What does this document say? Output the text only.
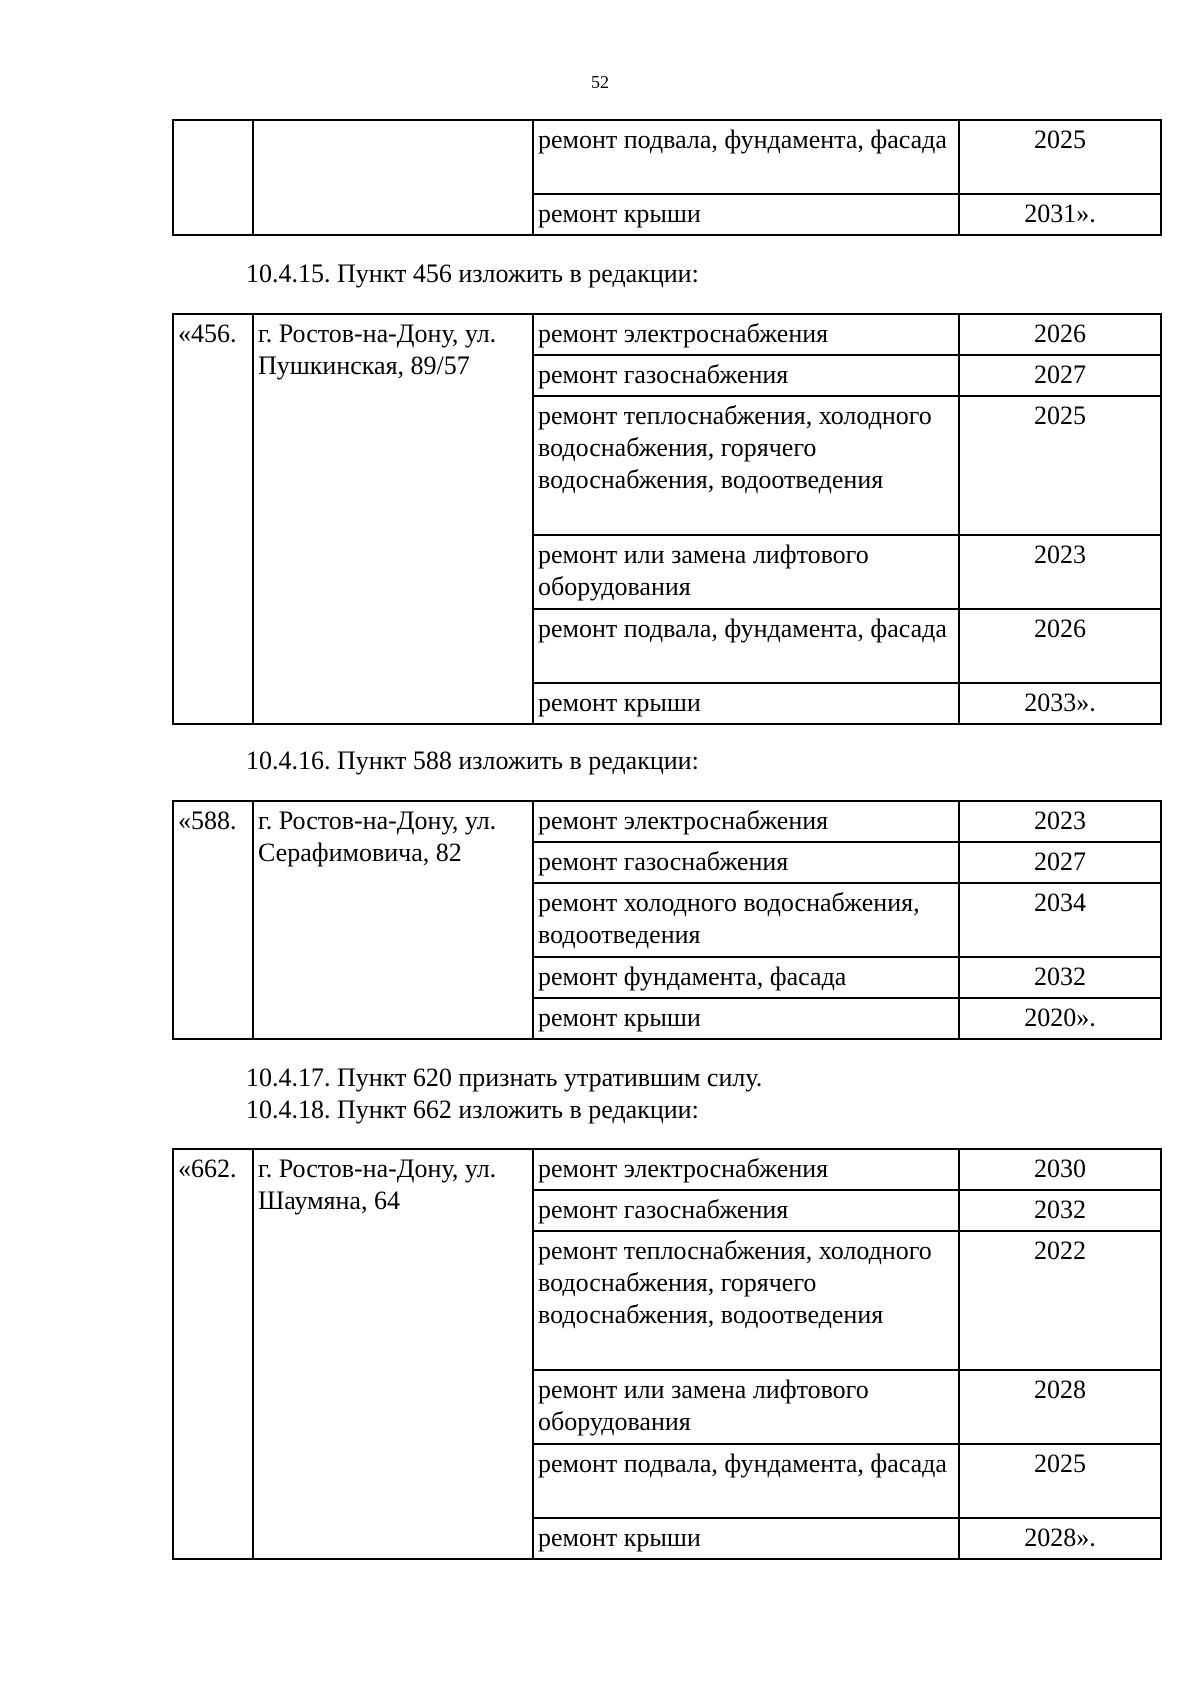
52
		ремонт подвала, фундамента, фасада	2025
		ремонт крыши	2031».
10.4.15. Пункт 456 изложить в редакции:
«456.	г. Ростов-на-Дону, ул. Пушкинская, 89/57	ремонт электроснабжения	2026
		ремонт газоснабжения	2027
		ремонт теплоснабжения, холодного водоснабжения, горячего водоснабжения, водоотведения	2025
		ремонт или замена лифтового оборудования	2023
		ремонт подвала, фундамента, фасада	2026
		ремонт крыши	2033».
10.4.16. Пункт 588 изложить в редакции:
«588.	г. Ростов-на-Дону, ул. Серафимовича, 82	ремонт электроснабжения	2023
		ремонт газоснабжения	2027
		ремонт холодного водоснабжения, водоотведения	2034
		ремонт фундамента, фасада	2032
		ремонт крыши	2020».
10.4.17. Пункт 620 признать утратившим силу.
10.4.18. Пункт 662 изложить в редакции:
«662.	г. Ростов-на-Дону, ул. Шаумяна, 64	ремонт электроснабжения	2030
		ремонт газоснабжения	2032
		ремонт теплоснабжения, холодного водоснабжения, горячего водоснабжения, водоотведения	2022
		ремонт или замена лифтового оборудования	2028
		ремонт подвала, фундамента, фасада	2025
		ремонт крыши	2028».
